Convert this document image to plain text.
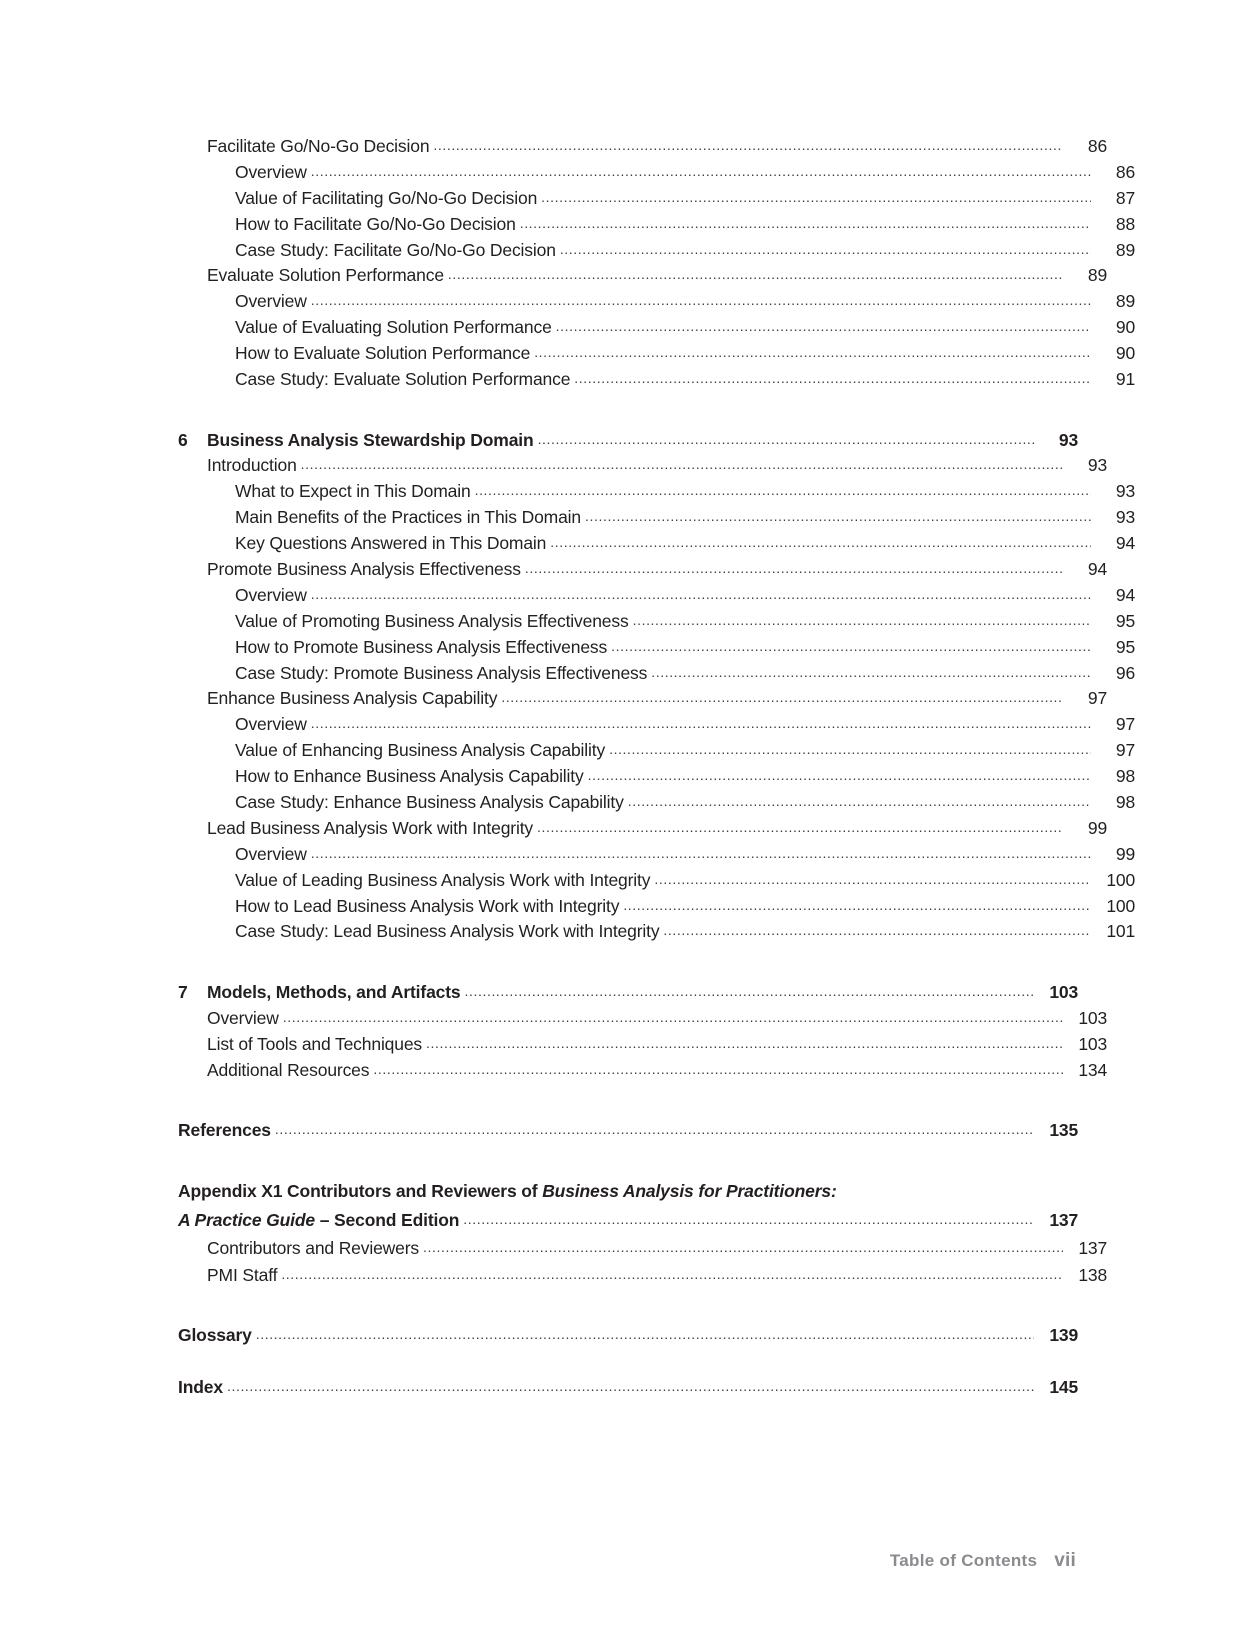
Facilitate Go/No-Go Decision .....	86
Overview .....	86
Value of Facilitating Go/No-Go Decision .....	87
How to Facilitate Go/No-Go Decision .....	88
Case Study: Facilitate Go/No-Go Decision .....	89
Evaluate Solution Performance .....	89
Overview .....	89
Value of Evaluating Solution Performance .....	90
How to Evaluate Solution Performance .....	90
Case Study: Evaluate Solution Performance .....	91
6	Business Analysis Stewardship Domain .....	93
Introduction .....	93
What to Expect in This Domain .....	93
Main Benefits of the Practices in This Domain .....	93
Key Questions Answered in This Domain .....	94
Promote Business Analysis Effectiveness .....	94
Overview .....	94
Value of Promoting Business Analysis Effectiveness .....	95
How to Promote Business Analysis Effectiveness .....	95
Case Study: Promote Business Analysis Effectiveness .....	96
Enhance Business Analysis Capability .....	97
Overview .....	97
Value of Enhancing Business Analysis Capability .....	97
How to Enhance Business Analysis Capability .....	98
Case Study: Enhance Business Analysis Capability .....	98
Lead Business Analysis Work with Integrity .....	99
Overview .....	99
Value of Leading Business Analysis Work with Integrity .....	100
How to Lead Business Analysis Work with Integrity .....	100
Case Study: Lead Business Analysis Work with Integrity .....	101
7	Models, Methods, and Artifacts .....	103
Overview .....	103
List of Tools and Techniques .....	103
Additional Resources .....	134
References .....	135
Appendix X1 Contributors and Reviewers of Business Analysis for Practitioners:
A Practice Guide – Second Edition .....	137
Contributors and Reviewers .....	137
PMI Staff .....	138
Glossary .....	139
Index .....	145
Table of Contents vii
